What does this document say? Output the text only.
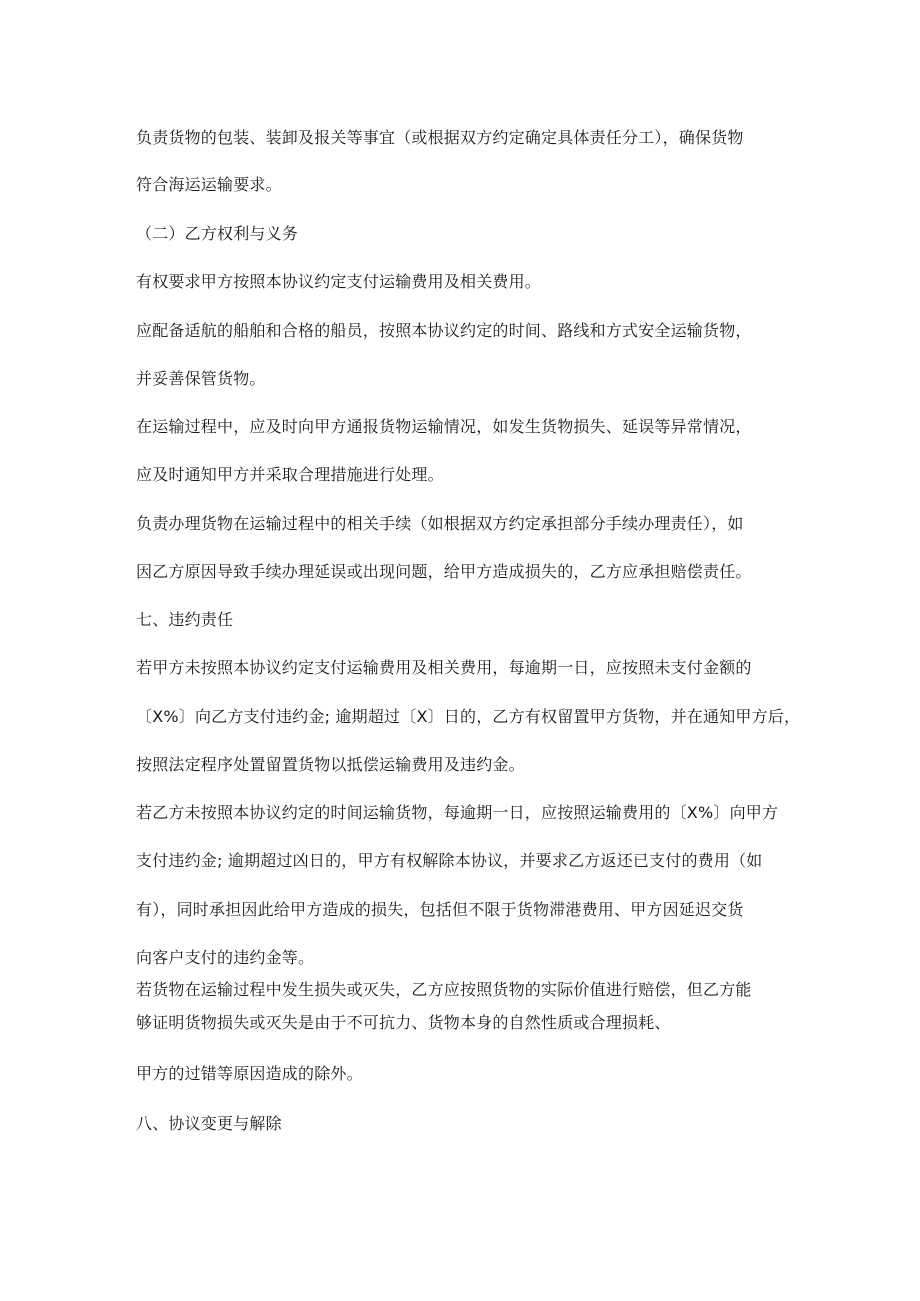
负责货物的包装、装卸及报关等事宜（或根据双方约定确定具体责任分工），确保货物
符合海运运输要求。
（二）乙方权利与义务
有权要求甲方按照本协议约定支付运输费用及相关费用。
应配备适航的船舶和合格的船员，按照本协议约定的时间、路线和方式安全运输货物，
并妥善保管货物。
在运输过程中，应及时向甲方通报货物运输情况，如发生货物损失、延误等异常情况，
应及时通知甲方并采取合理措施进行处理。
负责办理货物在运输过程中的相关手续（如根据双方约定承担部分手续办理责任），如
因乙方原因导致手续办理延误或出现问题，给甲方造成损失的，乙方应承担赔偿责任。
七、违约责任
若甲方未按照本协议约定支付运输费用及相关费用，每逾期一日，应按照未支付金额的
〔X%〕向乙方支付违约金; 逾期超过〔X〕日的，乙方有权留置甲方货物，并在通知甲方后，
按照法定程序处置留置货物以抵偿运输费用及违约金。
若乙方未按照本协议约定的时间运输货物，每逾期一日，应按照运输费用的〔X%〕向甲方
支付违约金; 逾期超过凶日的，甲方有权解除本协议，并要求乙方返还已支付的费用（如
有），同时承担因此给甲方造成的损失，包括但不限于货物滞港费用、甲方因延迟交货
向客户支付的违约金等。
若货物在运输过程中发生损失或灭失，乙方应按照货物的实际价值进行赔偿，但乙方能
够证明货物损失或灭失是由于不可抗力、货物本身的自然性质或合理损耗、
甲方的过错等原因造成的除外。
八、协议变更与解除
